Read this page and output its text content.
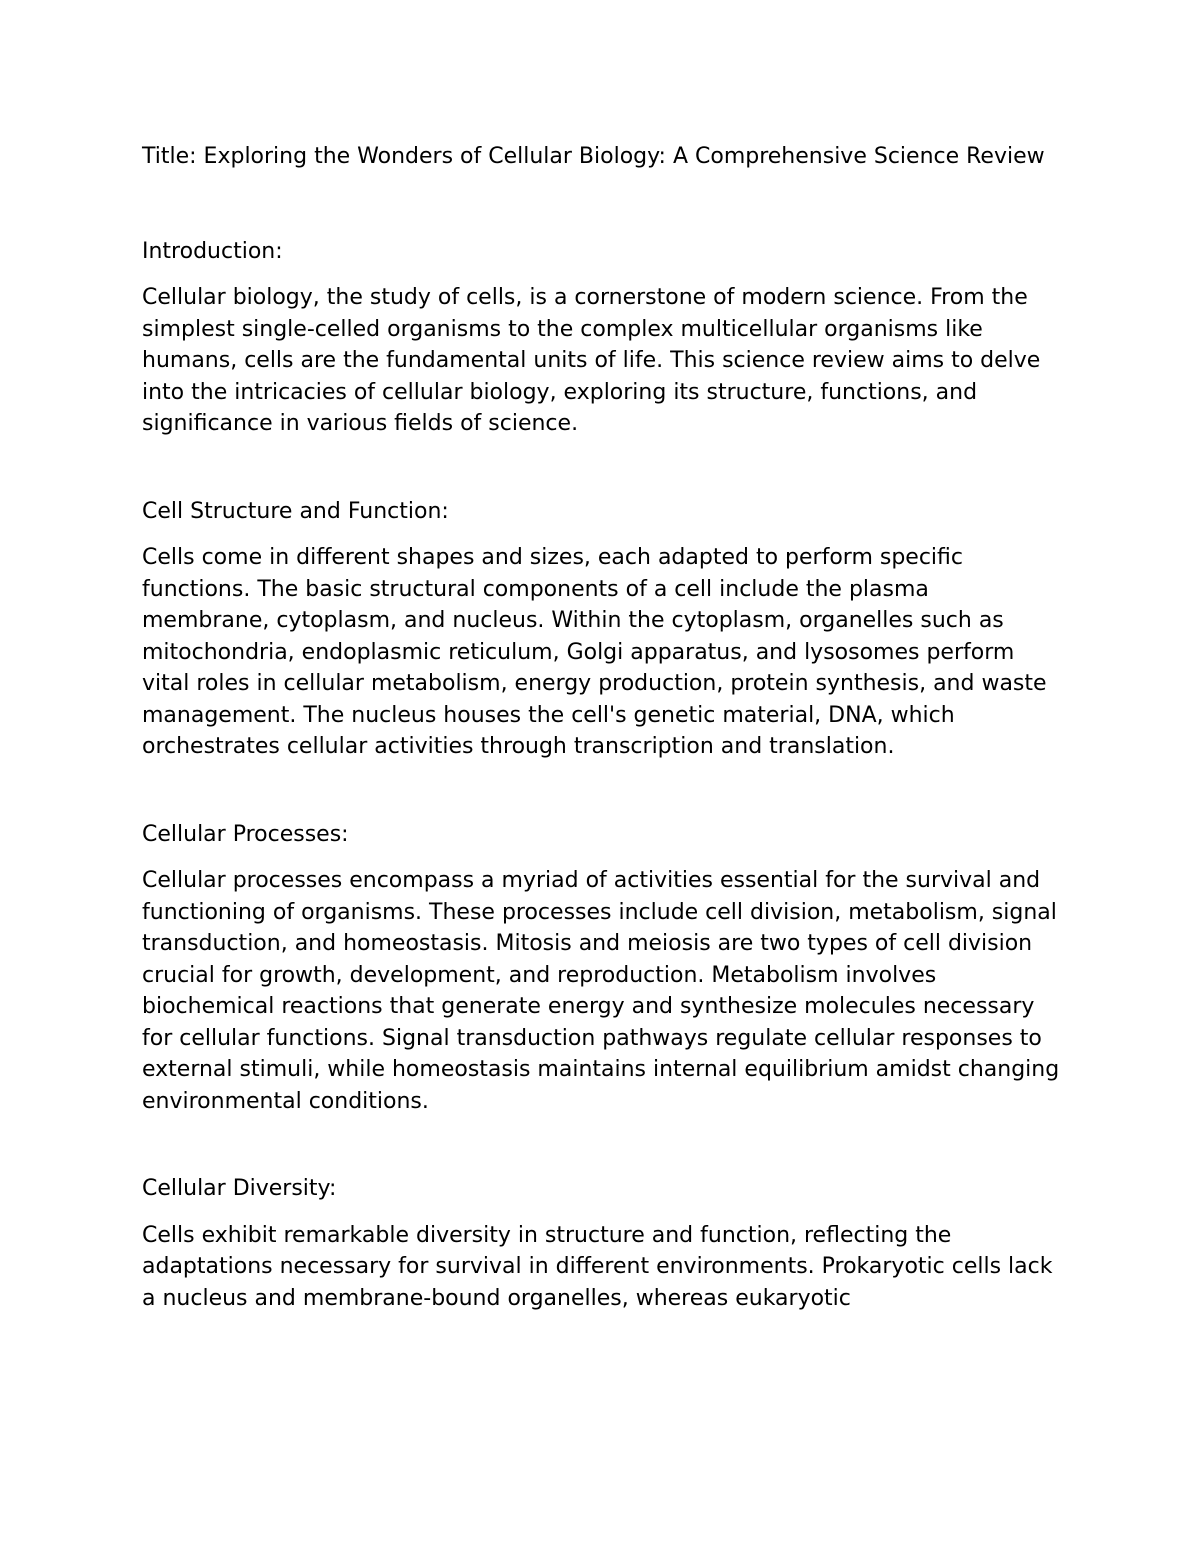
Title: Exploring the Wonders of Cellular Biology: A Comprehensive Science Review
Introduction:

Cellular biology, the study of cells, is a cornerstone of modern science. From the simplest single-celled organisms to the complex multicellular organisms like humans, cells are the fundamental units of life. This science review aims to delve into the intricacies of cellular biology, exploring its structure, functions, and significance in various fields of science.

Cell Structure and Function:

Cells come in different shapes and sizes, each adapted to perform specific functions. The basic structural components of a cell include the plasma membrane, cytoplasm, and nucleus. Within the cytoplasm, organelles such as mitochondria, endoplasmic reticulum, Golgi apparatus, and lysosomes perform vital roles in cellular metabolism, energy production, protein synthesis, and waste management. The nucleus houses the cell's genetic material, DNA, which orchestrates cellular activities through transcription and translation.

Cellular Processes:

Cellular processes encompass a myriad of activities essential for the survival and functioning of organisms. These processes include cell division, metabolism, signal transduction, and homeostasis. Mitosis and meiosis are two types of cell division crucial for growth, development, and reproduction. Metabolism involves biochemical reactions that generate energy and synthesize molecules necessary for cellular functions. Signal transduction pathways regulate cellular responses to external stimuli, while homeostasis maintains internal equilibrium amidst changing environmental conditions.

Cellular Diversity:

Cells exhibit remarkable diversity in structure and function, reflecting the adaptations necessary for survival in different environments. Prokaryotic cells lack a nucleus and membrane-bound organelles, whereas eukaryotic
